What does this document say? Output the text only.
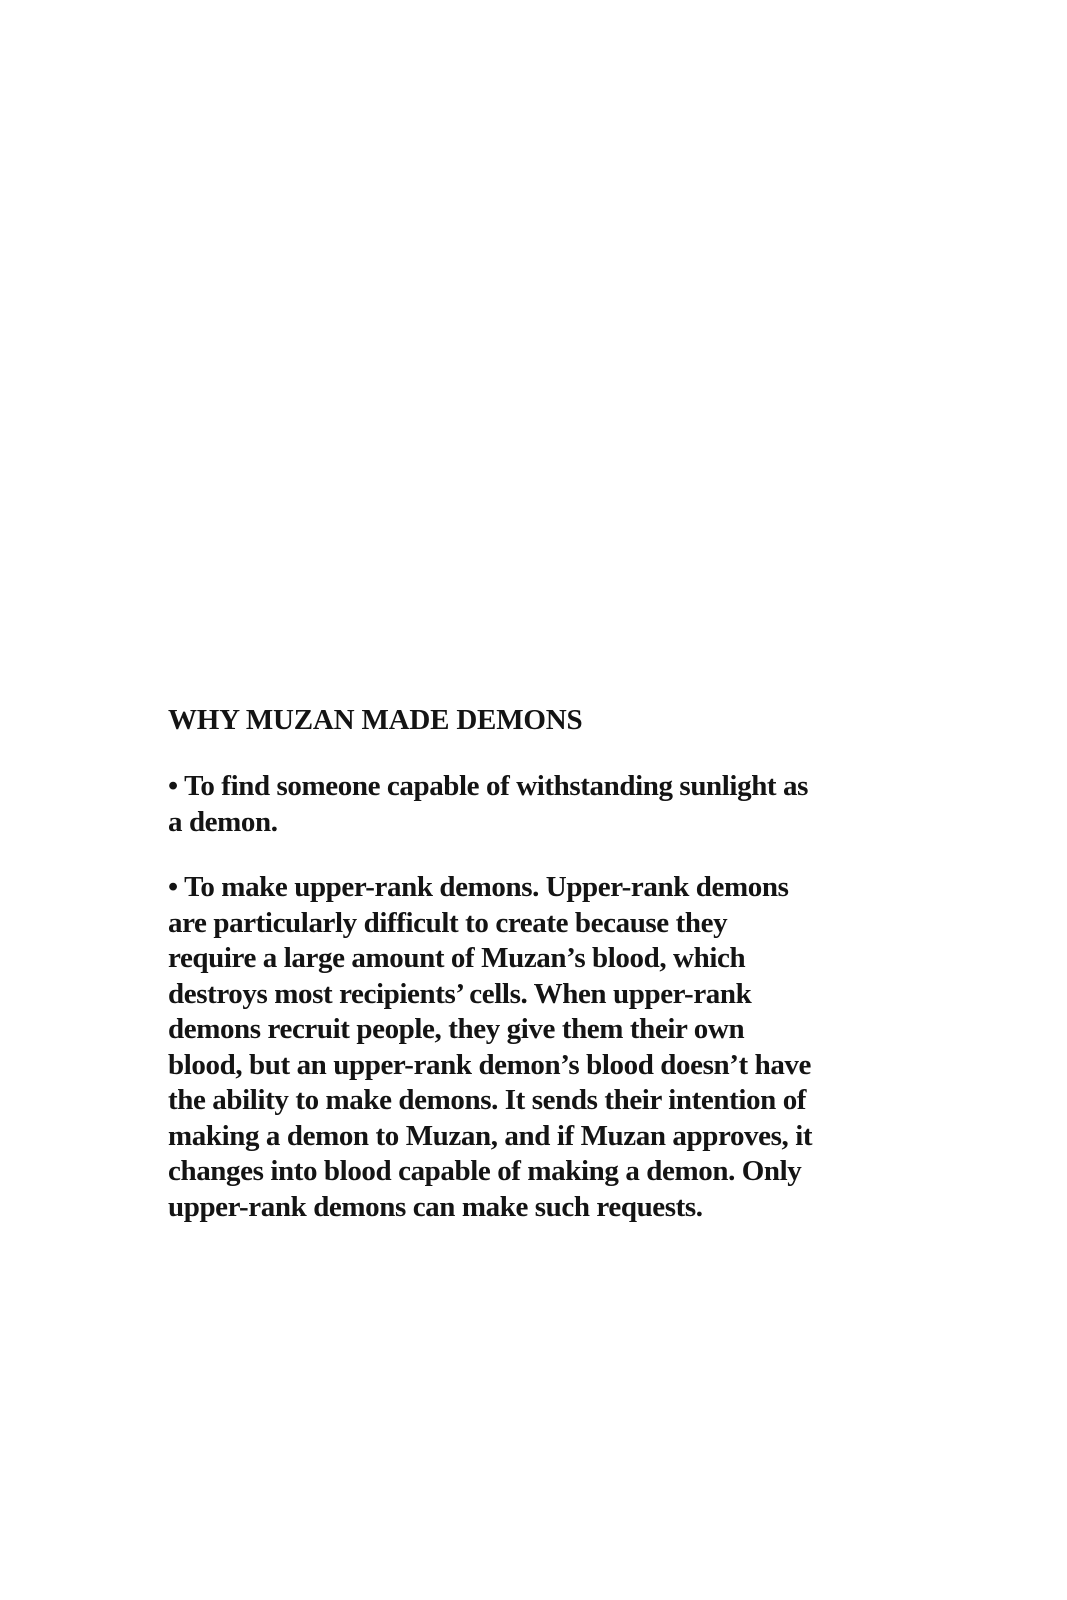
WHY MUZAN MADE DEMONS
• To find someone capable of withstanding sunlight as
a demon.
• To make upper-rank demons. Upper-rank demons
are particularly difficult to create because they
require a large amount of Muzan’s blood, which
destroys most recipients’ cells. When upper-rank
demons recruit people, they give them their own
blood, but an upper-rank demon’s blood doesn’t have
the ability to make demons. It sends their intention of
making a demon to Muzan, and if Muzan approves, it
changes into blood capable of making a demon. Only
upper-rank demons can make such requests.
